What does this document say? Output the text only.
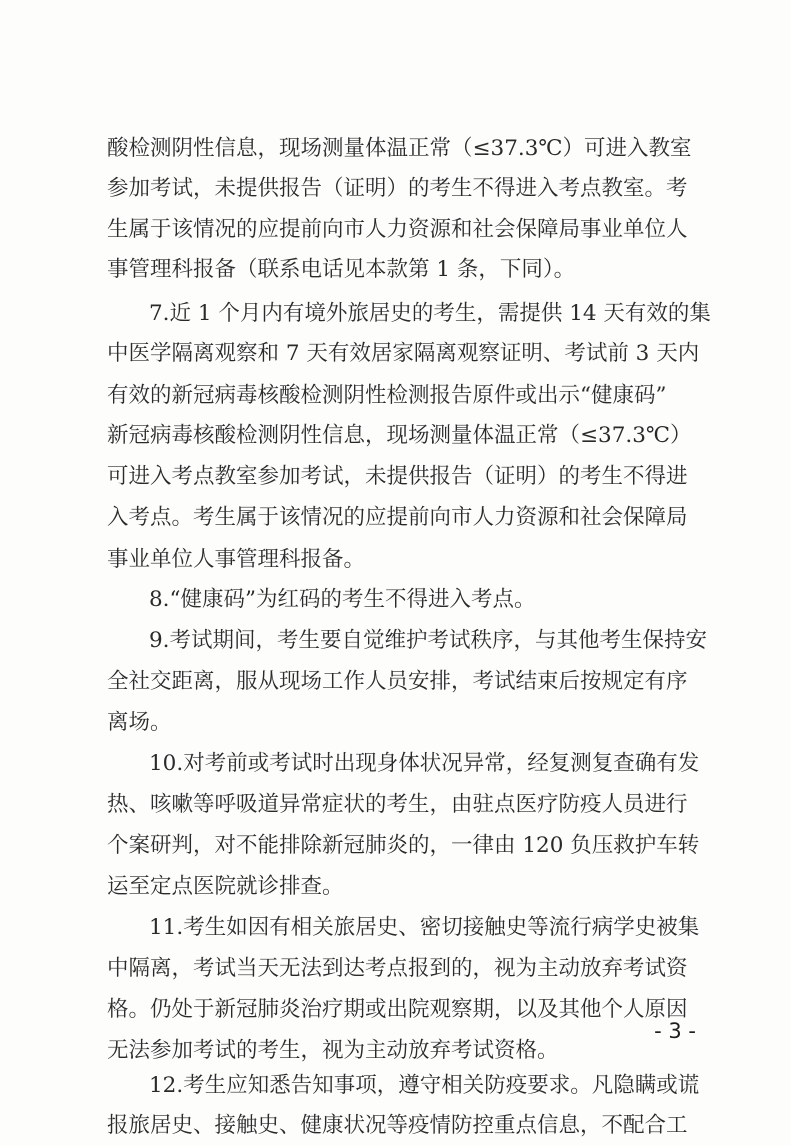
酸检测阴性信息，现场测量体温正常（≤37.3℃）可进入教室
参加考试，未提供报告（证明）的考生不得进入考点教室。考
生属于该情况的应提前向市人力资源和社会保障局事业单位人
事管理科报备（联系电话见本款第 1 条，下同）。
7.近 1 个月内有境外旅居史的考生，需提供 14 天有效的集
中医学隔离观察和 7 天有效居家隔离观察证明、考试前 3 天内
有效的新冠病毒核酸检测阴性检测报告原件或出示“健康码”
新冠病毒核酸检测阴性信息，现场测量体温正常（≤37.3℃）
可进入考点教室参加考试，未提供报告（证明）的考生不得进
入考点。考生属于该情况的应提前向市人力资源和社会保障局
事业单位人事管理科报备。
8.“健康码”为红码的考生不得进入考点。
9.考试期间，考生要自觉维护考试秩序，与其他考生保持安
全社交距离，服从现场工作人员安排，考试结束后按规定有序
离场。
10.对考前或考试时出现身体状况异常，经复测复查确有发
热、咳嗽等呼吸道异常症状的考生，由驻点医疗防疫人员进行
个案研判，对不能排除新冠肺炎的，一律由 120 负压救护车转
运至定点医院就诊排查。
11.考生如因有相关旅居史、密切接触史等流行病学史被集
中隔离，考试当天无法到达考点报到的，视为主动放弃考试资
格。仍处于新冠肺炎治疗期或出院观察期，以及其他个人原因
无法参加考试的考生，视为主动放弃考试资格。
12.考生应知悉告知事项，遵守相关防疫要求。凡隐瞒或谎
报旅居史、接触史、健康状况等疫情防控重点信息，不配合工
- 3 -
